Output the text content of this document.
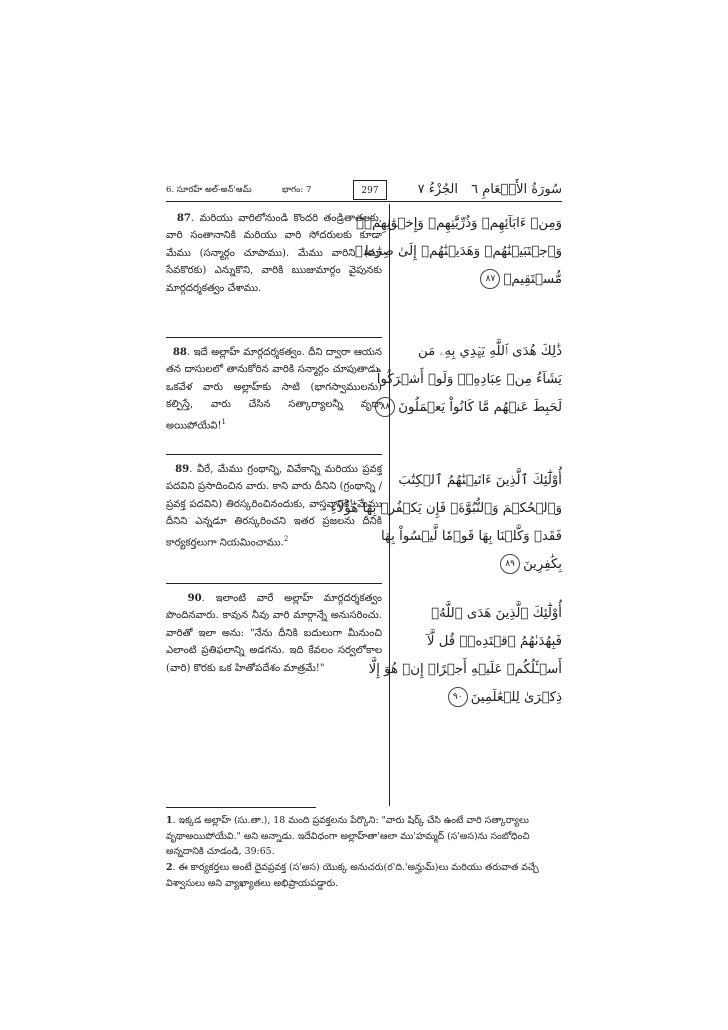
6. సూరహ్ అల్-అన్'ఆమ్	భాగం: 7	297	الجُزْءُ ٧ سُورَةُ الأَنۡعَامِ ٦

87. మరియు వారిలోనుండి కొందరి తండ్రితాతలకు, వారి సంతానానికి మరియు వారి సోదరులకు కూడా మేము (సన్మార్గం చూపాము). మేము వారిని (మా సేవకొరకు) ఎన్నుకొని, వారికి ఋజుమార్గం వైపునకు మార్గదర్శకత్వం చేశాము.

88. ఇదే అల్లాహ్ మార్గదర్శకత్వం. దీని ద్వారా ఆయన తన దాసులలో తానుకోరిన వారికి సన్మార్గం చూపుతాడు. ఒకవేళ వారు అల్లాహ్‌కు సాటి (భాగస్వాములను) కల్పిస్తే, వారు చేసిన సత్కార్యాలన్నీ వృథా అయిపోయేవి!$^1$

89. వీరే, మేము గ్రంథాన్ని, వివేకాన్ని మరియు ప్రవక్త పదవిని ప్రసాదించిన వారు. కాని వారు దీనిని (గ్రంథాన్ని / ప్రవక్త పదవిని) తిరస్కరించినందుకు, వాస్తవానికి! మేము దీనిని ఎన్నడూ తిరస్కరించని ఇతర ప్రజలను దీనికి కార్యకర్తలుగా నియమించాము.$^2$

90. ఇలాంటి వారే అల్లాహ్ మార్గదర్శకత్వం పొందినవారు. కావున నీవు వారి మార్గాన్నే అనుసరించు. వారితో ఇలా అను: "నేను దీనికి బదులుగా మీనుంచి ఎలాంటి ప్రతిఫలాన్ని అడగను. ఇది కేవలం సర్వలోకాల (వారి) కొరకు ఒక హితోపదేశం మాత్రమే!"

وَمِنۡ ءَابَآئِهِمۡ وَذُرِّيَّٰتِهِمۡ وَإِخۡوَٰنِهِمۡۖ
وَٱجۡتَبَيۡنَٰهُمۡ وَهَدَيۡنَٰهُمۡ إِلَىٰ صِرَٰطٖ
مُّسۡتَقِيمٖ٨٧
ذَٰلِكَ هُدَى ٱللَّهِ يَهۡدِي بِهِۦ مَن
يَشَآءُ مِنۡ عِبَادِهِۦۚ وَلَوۡ أَشۡرَكُواْ
لَحَبِطَ عَنۡهُم مَّا كَانُواْ يَعۡمَلُونَ٨٨
أُوْلَٰٓئِكَ ٱلَّذِينَ ءَاتَيۡنَٰهُمُ ٱلۡكِتَٰبَ
وَٱلۡحُكۡمَ وَٱلنُّبُوَّةَۚ فَإِن يَكۡفُرۡ بِهَا هَٰٓؤُلَآءِ
فَقَدۡ وَكَّلۡنَا بِهَا قَوۡمٗا لَّيۡسُواْ بِهَا
بِكَٰفِرِينَ٨٩
أُوْلَٰٓئِكَ ٱلَّذِينَ هَدَى ٱللَّهُۖ
فَبِهُدَىٰهُمُ ٱقۡتَدِهۡۗ قُل لَّآ
أَسۡـَٔلُكُمۡ عَلَيۡهِ أَجۡرًاۖ إِنۡ هُوَ إِلَّا
ذِكۡرَىٰ لِلۡعَٰلَمِينَ٩٠

1. ఇక్కడ అల్లాహ్ (సు.తా.), 18 మంది ప్రవక్తలను పేర్కొని: "వారు షిర్క్ చేసి ఉంటే వారి సత్కార్యాలు వృథాఅయిపోయేవి." అని అన్నాడు. ఇదేవిధంగా అల్లాహ్‌తా'ఆలా ము'హమ్మద్ (స'అస)ను సంబోధించి అన్నదానికి చూడండి, 39:65.

2. ఈ కార్యకర్తలు అంటే దైవప్రవక్త (స'అస) యొక్క అనుచరు(ర'ది.'అన్హుమ్)లు మరియు తరువాత వచ్చే విశ్వాసులు అని వ్యాఖ్యాతలు అభిప్రాయపడ్డారు.
